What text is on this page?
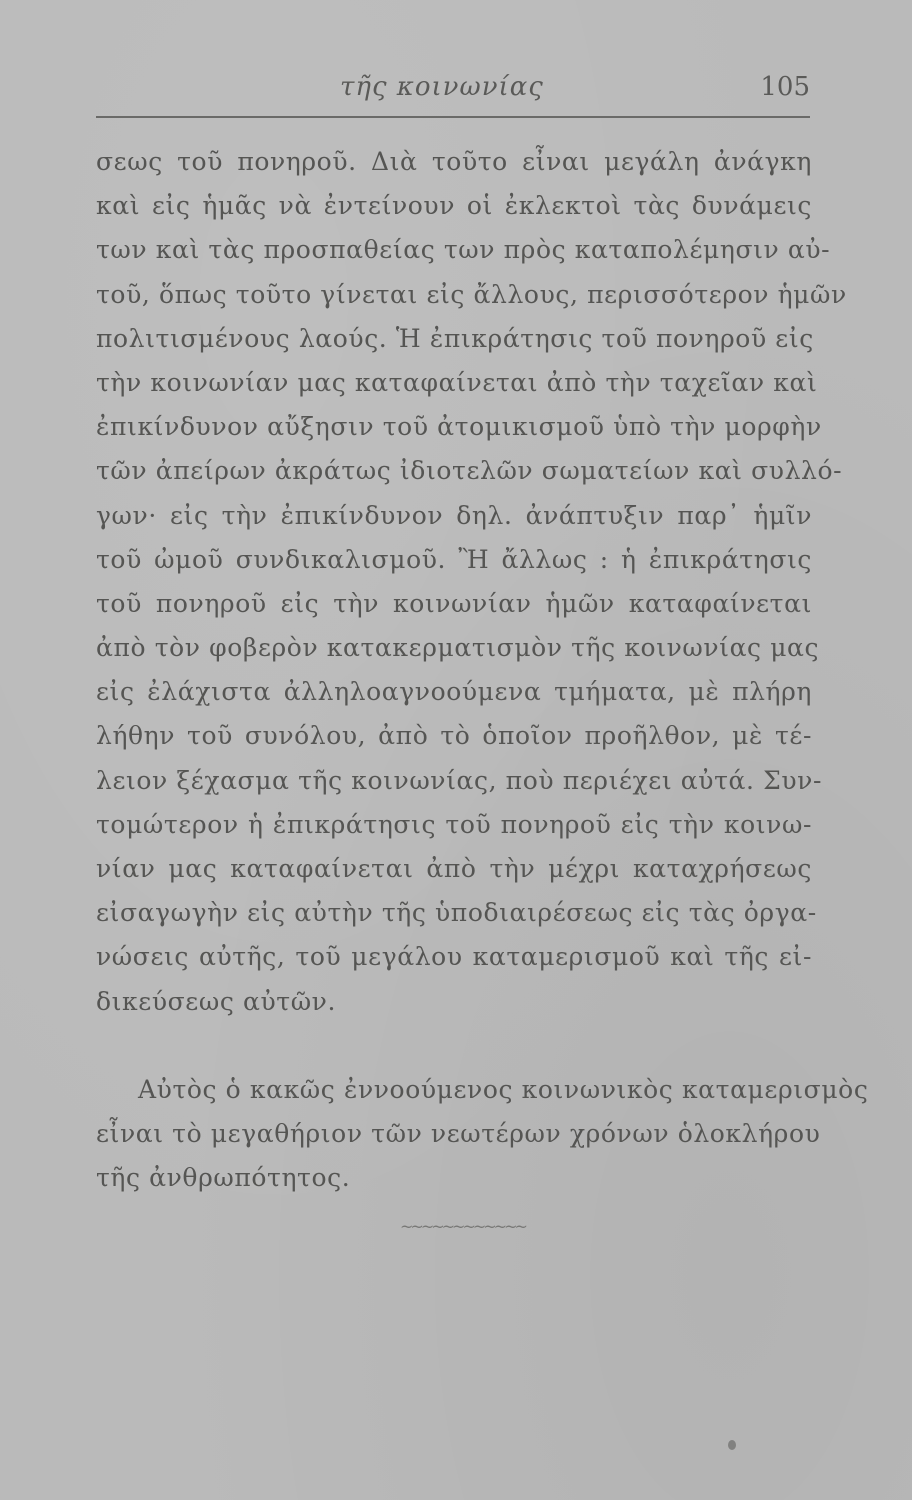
τῆς κοινωνίας	105
σεως τοῦ πονηροῦ. Διὰ τοῦτο εἶναι μεγάλη ἀνάγκη
καὶ εἰς ἡμᾶς νὰ ἐντείνουν οἱ ἐκλεκτοὶ τὰς δυνάμεις
των καὶ τὰς προσπαθείας των πρὸς καταπολέμησιν αὐ-
τοῦ, ὅπως τοῦτο γίνεται εἰς ἄλλους, περισσότερον ἡμῶν
πολιτισμένους λαούς. Ἡ ἐπικράτησις τοῦ πονηροῦ εἰς
τὴν κοινωνίαν μας καταφαίνεται ἀπὸ τὴν ταχεῖαν καὶ
ἐπικίνδυνον αὔξησιν τοῦ ἀτομικισμοῦ ὑπὸ τὴν μορφὴν
τῶν ἀπείρων ἀκράτως ἰδιοτελῶν σωματείων καὶ συλλό-
γων· εἰς τὴν ἐπικίνδυνον δηλ. ἀνάπτυξιν παρ᾽ ἡμῖν
τοῦ ὠμοῦ συνδικαλισμοῦ. Ἢ ἄλλως : ἡ ἐπικράτησις
τοῦ πονηροῦ εἰς τὴν κοινωνίαν ἡμῶν καταφαίνεται
ἀπὸ τὸν φοβερὸν κατακερματισμὸν τῆς κοινωνίας μας
εἰς ἐλάχιστα ἀλληλοαγνοούμενα τμήματα, μὲ πλήρη
λήθην τοῦ συνόλου, ἀπὸ τὸ ὁποῖον προῆλθον, μὲ τέ-
λειον ξέχασμα τῆς κοινωνίας, ποὺ περιέχει αὐτά. Συν-
τομώτερον ἡ ἐπικράτησις τοῦ πονηροῦ εἰς τὴν κοινω-
νίαν μας καταφαίνεται ἀπὸ τὴν μέχρι καταχρήσεως
εἰσαγωγὴν εἰς αὐτὴν τῆς ὑποδιαιρέσεως εἰς τὰς ὀργα-
νώσεις αὐτῆς, τοῦ μεγάλου καταμερισμοῦ καὶ τῆς εἰ-
δικεύσεως αὐτῶν.
Αὐτὸς ὁ κακῶς ἐννοούμενος κοινωνικὸς καταμερισμὸς
εἶναι τὸ μεγαθήριον τῶν νεωτέρων χρόνων ὁλοκλήρου
τῆς ἀνθρωπότητος.
~~~~~~~~~~~~
